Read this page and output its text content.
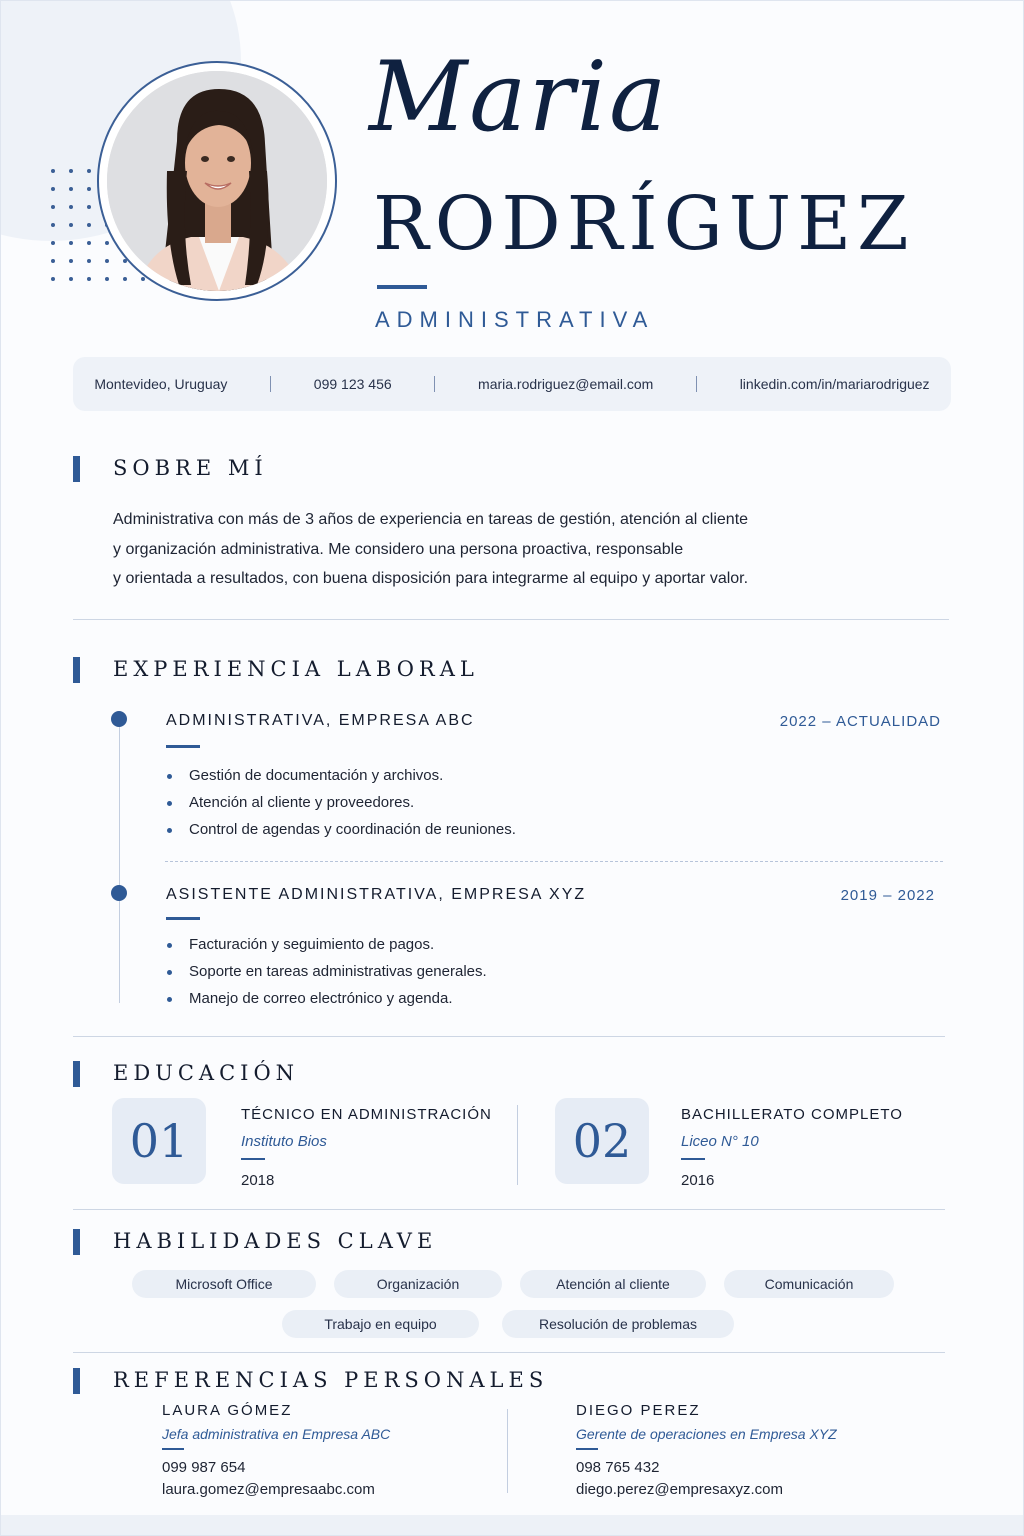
Maria
RODRÍGUEZ
ADMINISTRATIVA
Montevideo, Uruguay	099 123 456	maria.rodriguez@email.com	linkedin.com/in/mariarodriguez
SOBRE MÍ

Administrativa con más de 3 años de experiencia en tareas de gestión, atención al cliente

y organización administrativa. Me considero una persona proactiva, responsable

y orientada a resultados, con buena disposición para integrarme al equipo y aportar valor.

EXPERIENCIA LABORAL
ADMINISTRATIVA, EMPRESA ABC	2022 – ACTUALIDAD
Gestión de documentación y archivos.
Atención al cliente y proveedores.
Control de agendas y coordinación de reuniones.
ASISTENTE ADMINISTRATIVA, EMPRESA XYZ	2019 – 2022
Facturación y seguimiento de pagos.
Soporte en tareas administrativas generales.
Manejo de correo electrónico y agenda.
EDUCACIÓN
01	TÉCNICO EN ADMINISTRACIÓN
Instituto Bios
2018
02	BACHILLERATO COMPLETO
Liceo N° 10
2016
HABILIDADES CLAVE
Microsoft Office	Organización	Atención al cliente	Comunicación
Trabajo en equipo	Resolución de problemas
REFERENCIAS PERSONALES
LAURA GÓMEZ
Jefa administrativa en Empresa ABC
099 987 654
laura.gomez@empresaabc.com
DIEGO PEREZ
Gerente de operaciones en Empresa XYZ
098 765 432
diego.perez@empresaxyz.com
